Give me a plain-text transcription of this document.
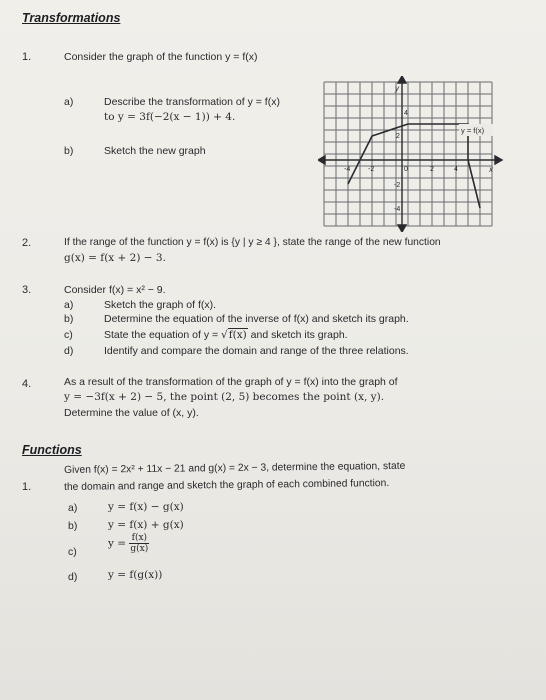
Transformations
1.	Consider the graph of the function y = f(x)
a)	Describe the transformation of y = f(x)
to y = 3f(−2(x − 1)) + 4.
b)	Sketch the new graph
y
x
y = f(x)
-4	-2	0	2	4
4
2
-2
-4
2.	If the range of the function y = f(x) is {y | y ≥ 4 }, state the range of the new function
g(x) = f(x + 2) − 3.
3.	Consider f(x) = x² − 9.
a)	Sketch the graph of f(x).
b)	Determine the equation of the inverse of f(x) and sketch its graph.
c)	State the equation of y = √f(x) and sketch its graph.
d)	Identify and compare the domain and range of the three relations.
4.	As a result of the transformation of the graph of y = f(x) into the graph of
y = −3f(x + 2) − 5, the point (2, 5) becomes the point (x, y).
Determine the value of (x, y).
Functions
1.
Given f(x) = 2x² + 11x − 21 and g(x) = 2x − 3, determine the equation, state
the domain and range and sketch the graph of each combined function.
a)	y = f(x) − g(x)
b)	y = f(x) + g(x)
c)
$y = \frac{f(x)}{g(x)}$
d)	y = f(g(x))
